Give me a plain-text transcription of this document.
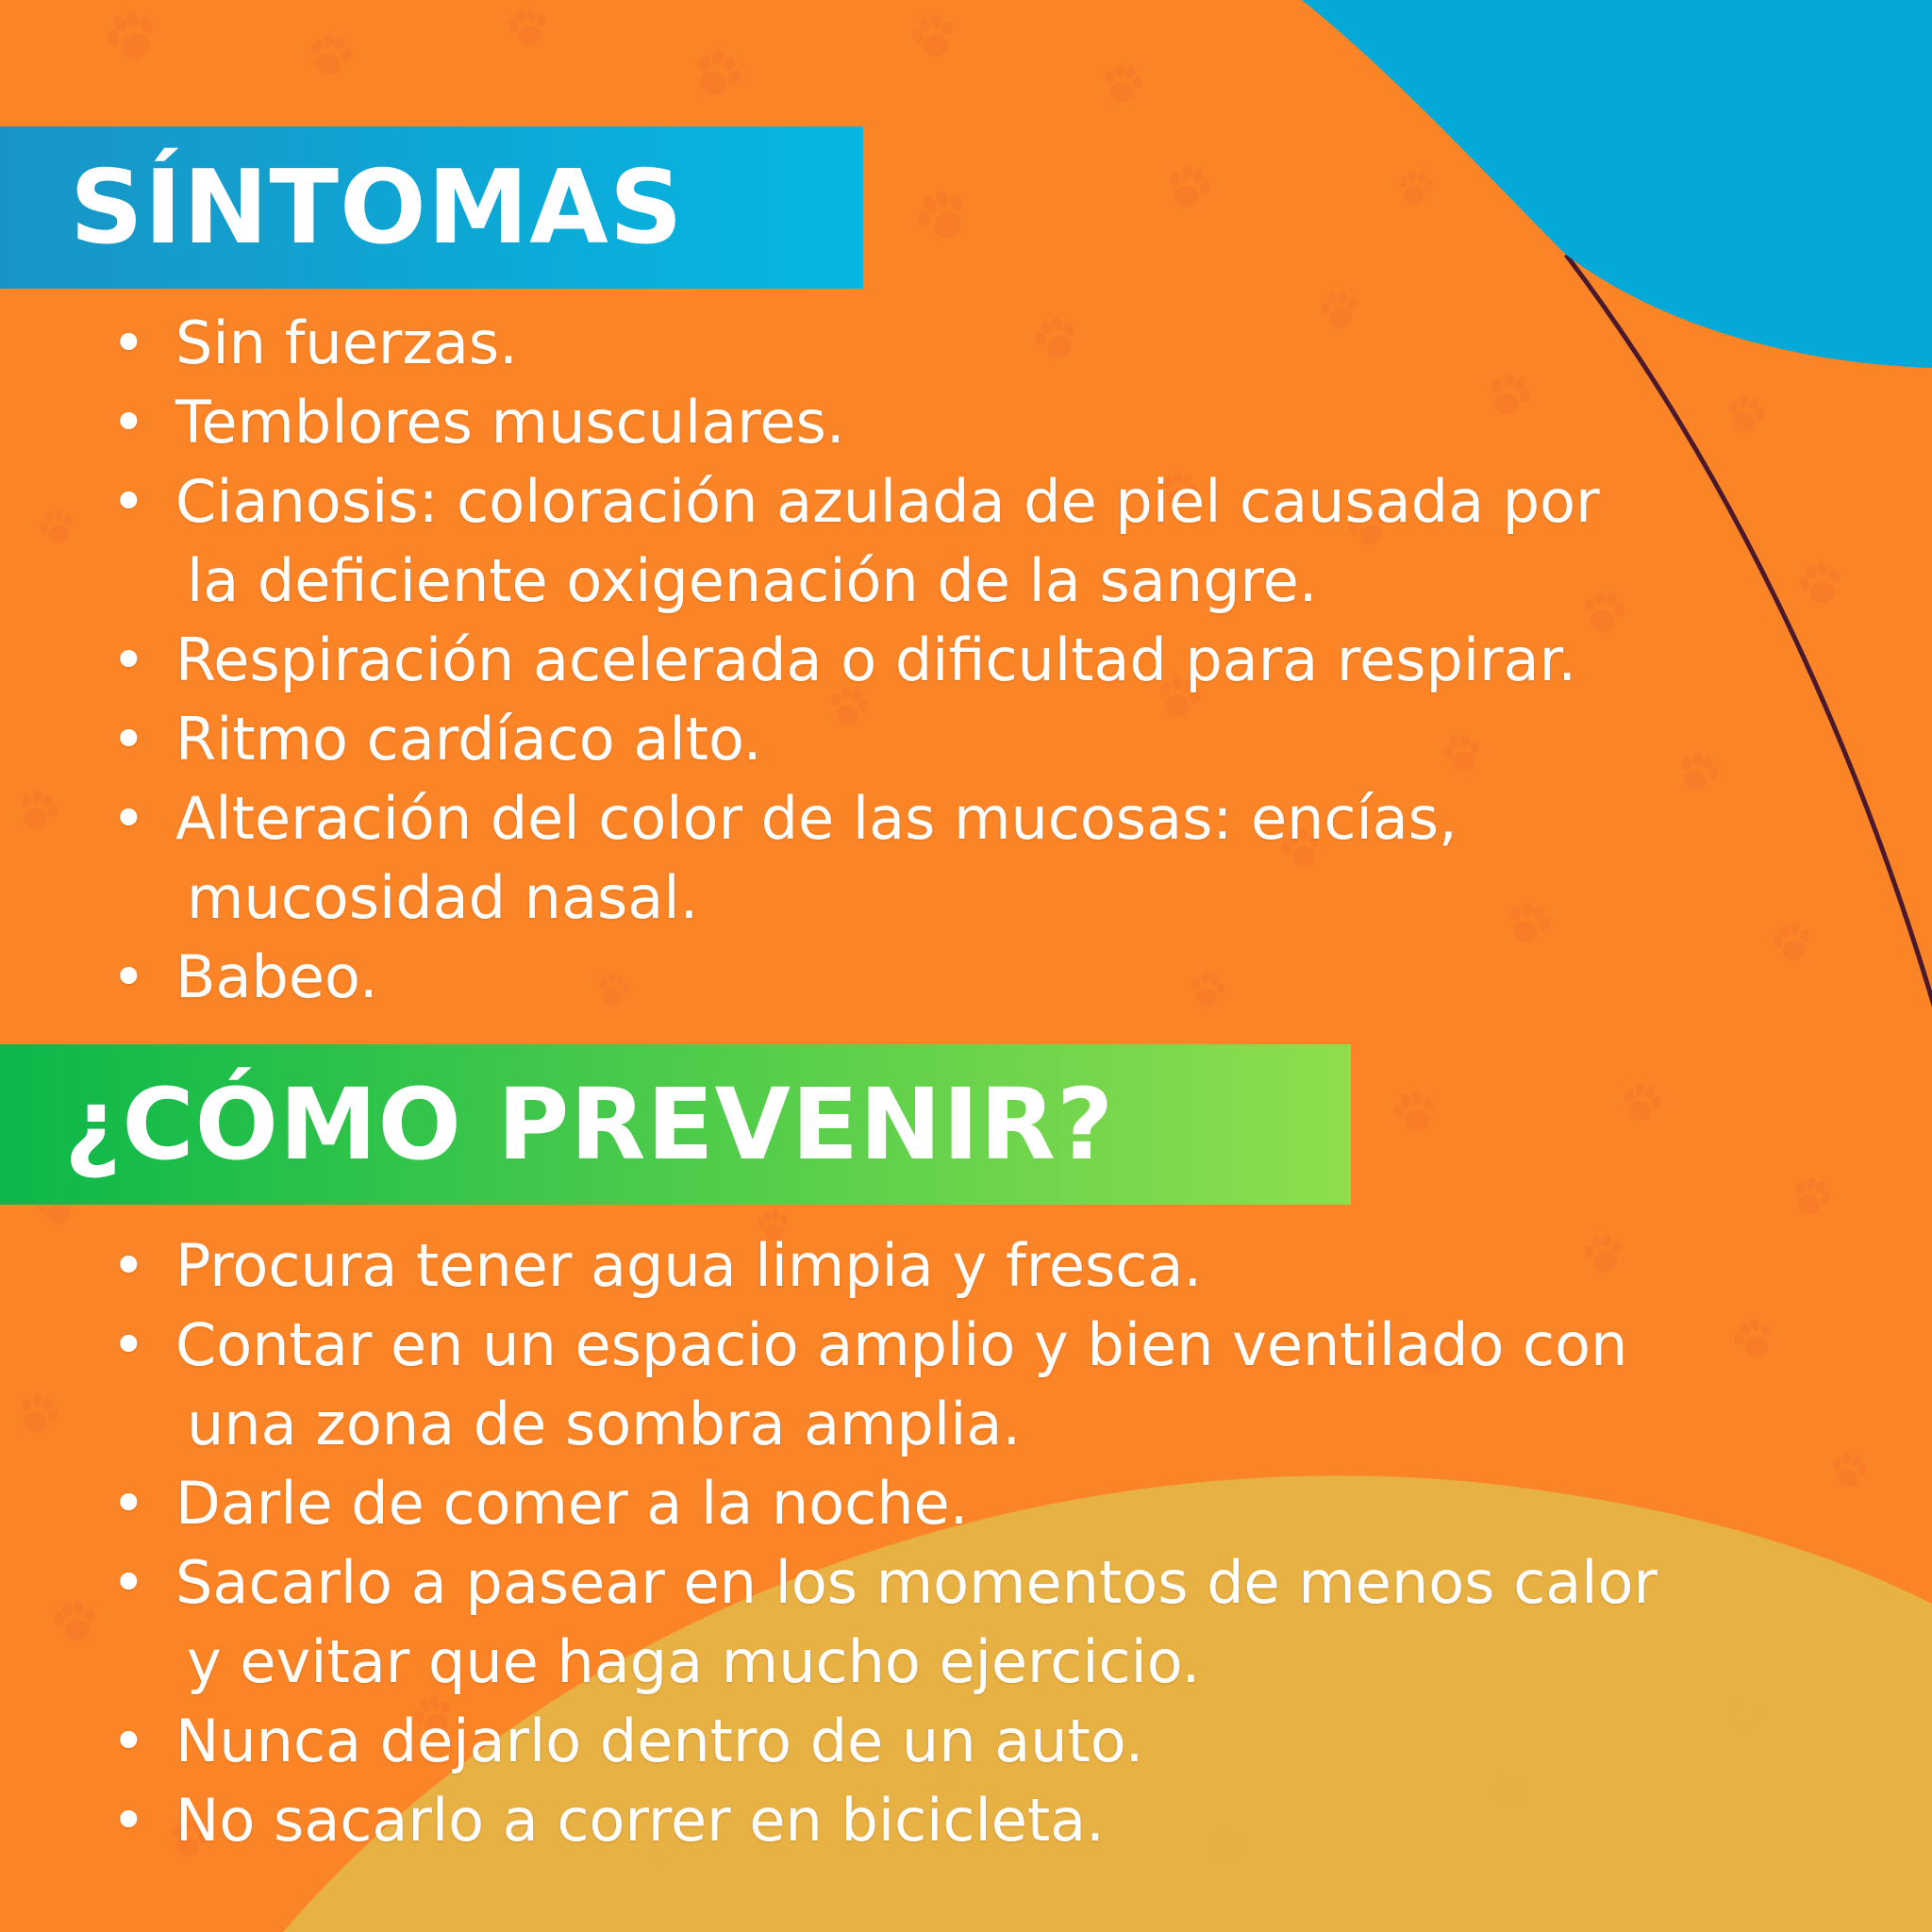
SÍNTOMAS
• Sin fuerzas.
• Temblores musculares.
• Cianosis: coloración azulada de piel causada por
la deficiente oxigenación de la sangre.
• Respiración acelerada o dificultad para respirar.
• Ritmo cardíaco alto.
• Alteración del color de las mucosas: encías,
mucosidad nasal.
• Babeo.
¿CÓMO PREVENIR?
• Procura tener agua limpia y fresca.
• Contar en un espacio amplio y bien ventilado con
una zona de sombra amplia.
• Darle de comer a la noche.
• Sacarlo a pasear en los momentos de menos calor
y evitar que haga mucho ejercicio.
• Nunca dejarlo dentro de un auto.
• No sacarlo a correr en bicicleta.
